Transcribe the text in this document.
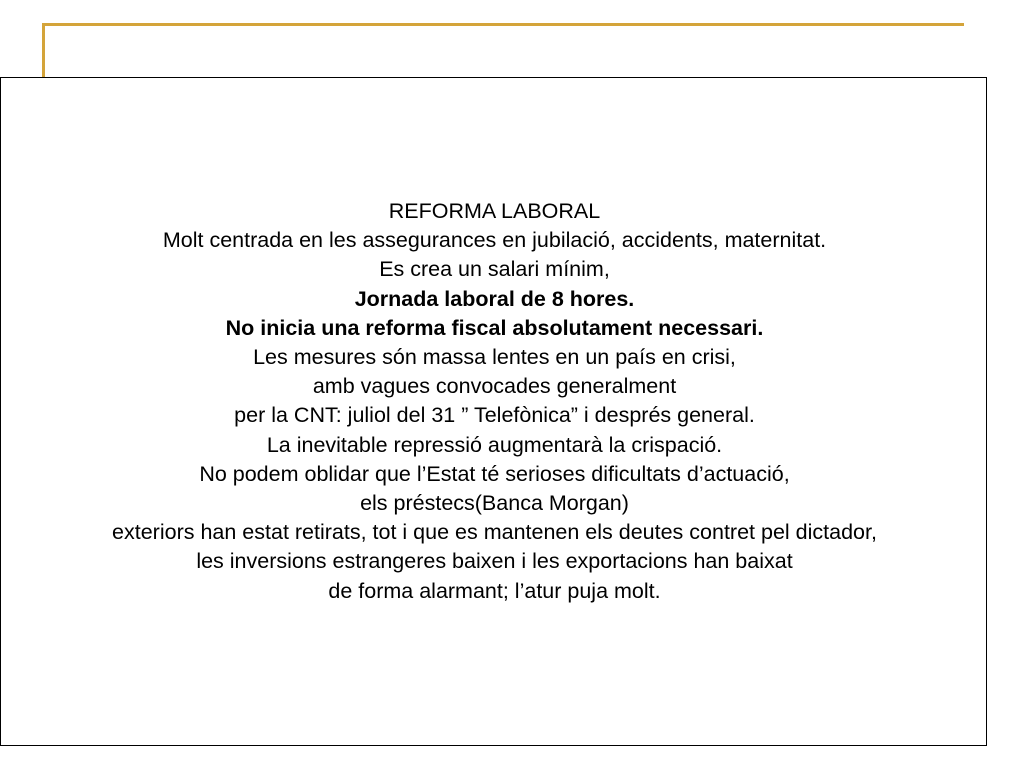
REFORMA LABORAL

Molt centrada en les assegurances en jubilació, accidents, maternitat.

Es crea un salari mínim,

Jornada laboral de 8 hores.

No inicia una reforma fiscal absolutament necessari.

Les mesures són massa lentes en un país en crisi,

amb vagues convocades generalment

per la CNT: juliol del 31 ” Telefònica” i després general.

La inevitable repressió augmentarà la crispació.

No podem oblidar que l’Estat té serioses dificultats d’actuació,

els préstecs(Banca Morgan)

exteriors han estat retirats, tot i que es mantenen els deutes contret pel dictador,

les inversions estrangeres baixen i les exportacions han baixat

de forma alarmant; l’atur puja molt.
